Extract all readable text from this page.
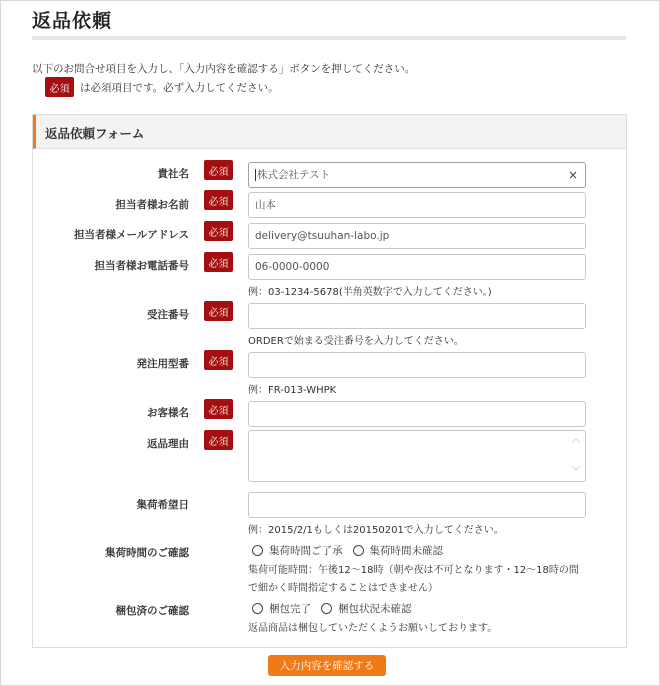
返品依頼
以下のお問合せ項目を入力し、「入力内容を確認する」ボタンを押してください。
必須	は必須項目です。必ず入力してください。
返品依頼フォーム
貴社名	必須	株式会社テスト	×
担当者様お名前	必須	山本
担当者様メールアドレス	必須	delivery@tsuuhan-labo.jp
担当者様お電話番号	必須	06-0000-0000
例：03-1234-5678(半角英数字で入力してください。)
受注番号	必須
ORDERで始まる受注番号を入力してください。
発注用型番	必須
例：FR-013-WHPK
お客様名	必須
返品理由	必須	︿
﹀
集荷希望日
例：2015/2/1もしくは20150201で入力してください。
集荷時間のご確認	集荷時間ご了承	集荷時間未確認
集荷可能時間：午後12～18時（朝や夜は不可となります・12～18時の間
で細かく時間指定することはできません）
梱包済のご確認	梱包完了	梱包状況未確認
返品商品は梱包していただくようお願いしております。
入力内容を確認する
